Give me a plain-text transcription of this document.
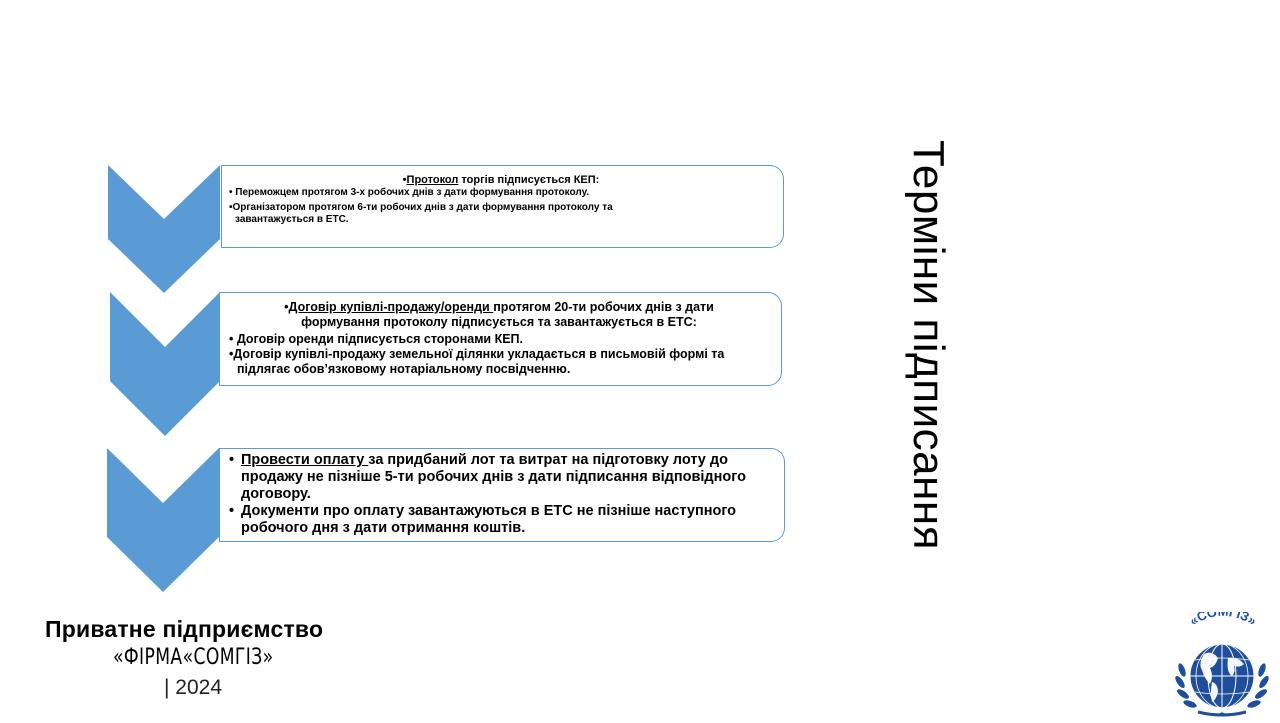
•Протокол торгів підписується КЕП:
• Переможцем протягом 3-х робочих днів з дати формування протоколу.
•Організатором протягом 6-ти робочих днів з дати формування протоколу та
завантажується в ЕТС.
•Договір купівлі-продажу/оренди протягом 20-ти робочих днів з дати
формування протоколу підписується та завантажується в ЕТС:
• Договір оренди підписується сторонами КЕП.
•Договір купівлі-продажу земельної ділянки укладається в письмовій формі та
підлягає обов’язковому нотаріальному посвідченню.
• Провести оплату за придбаний лот та витрат на підготовку лоту до продажу не пізніше 5-ти робочих днів з дати підписання відповідного договору.
• Документи про оплату завантажуються в ЕТС не пізніше наступного робочого дня з дати отримання коштів.	Терміни підписання
Приватне підприємство
«ФІРМА«СОМГІЗ»
| 2024
«СО ГІЗ»
★
